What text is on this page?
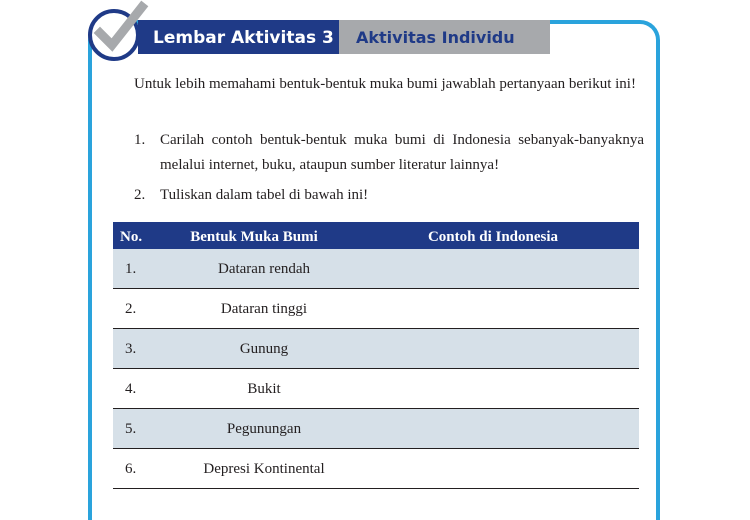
Lembar Aktivitas 3	Aktivitas Individu

Untuk lebih memahami bentuk-bentuk muka bumi jawablah pertanyaan berikut ini!

1. Carilah contoh bentuk-bentuk muka bumi di Indonesia sebanyak-banyaknya melalui internet, buku, ataupun sumber literatur lainnya!
2. Tuliskan dalam tabel di bawah ini!
No.	Bentuk Muka Bumi	Contoh di Indonesia
1.	Dataran rendah
2.	Dataran tinggi
3.	Gunung
4.	Bukit
5.	Pegunungan
6.	Depresi Kontinental
